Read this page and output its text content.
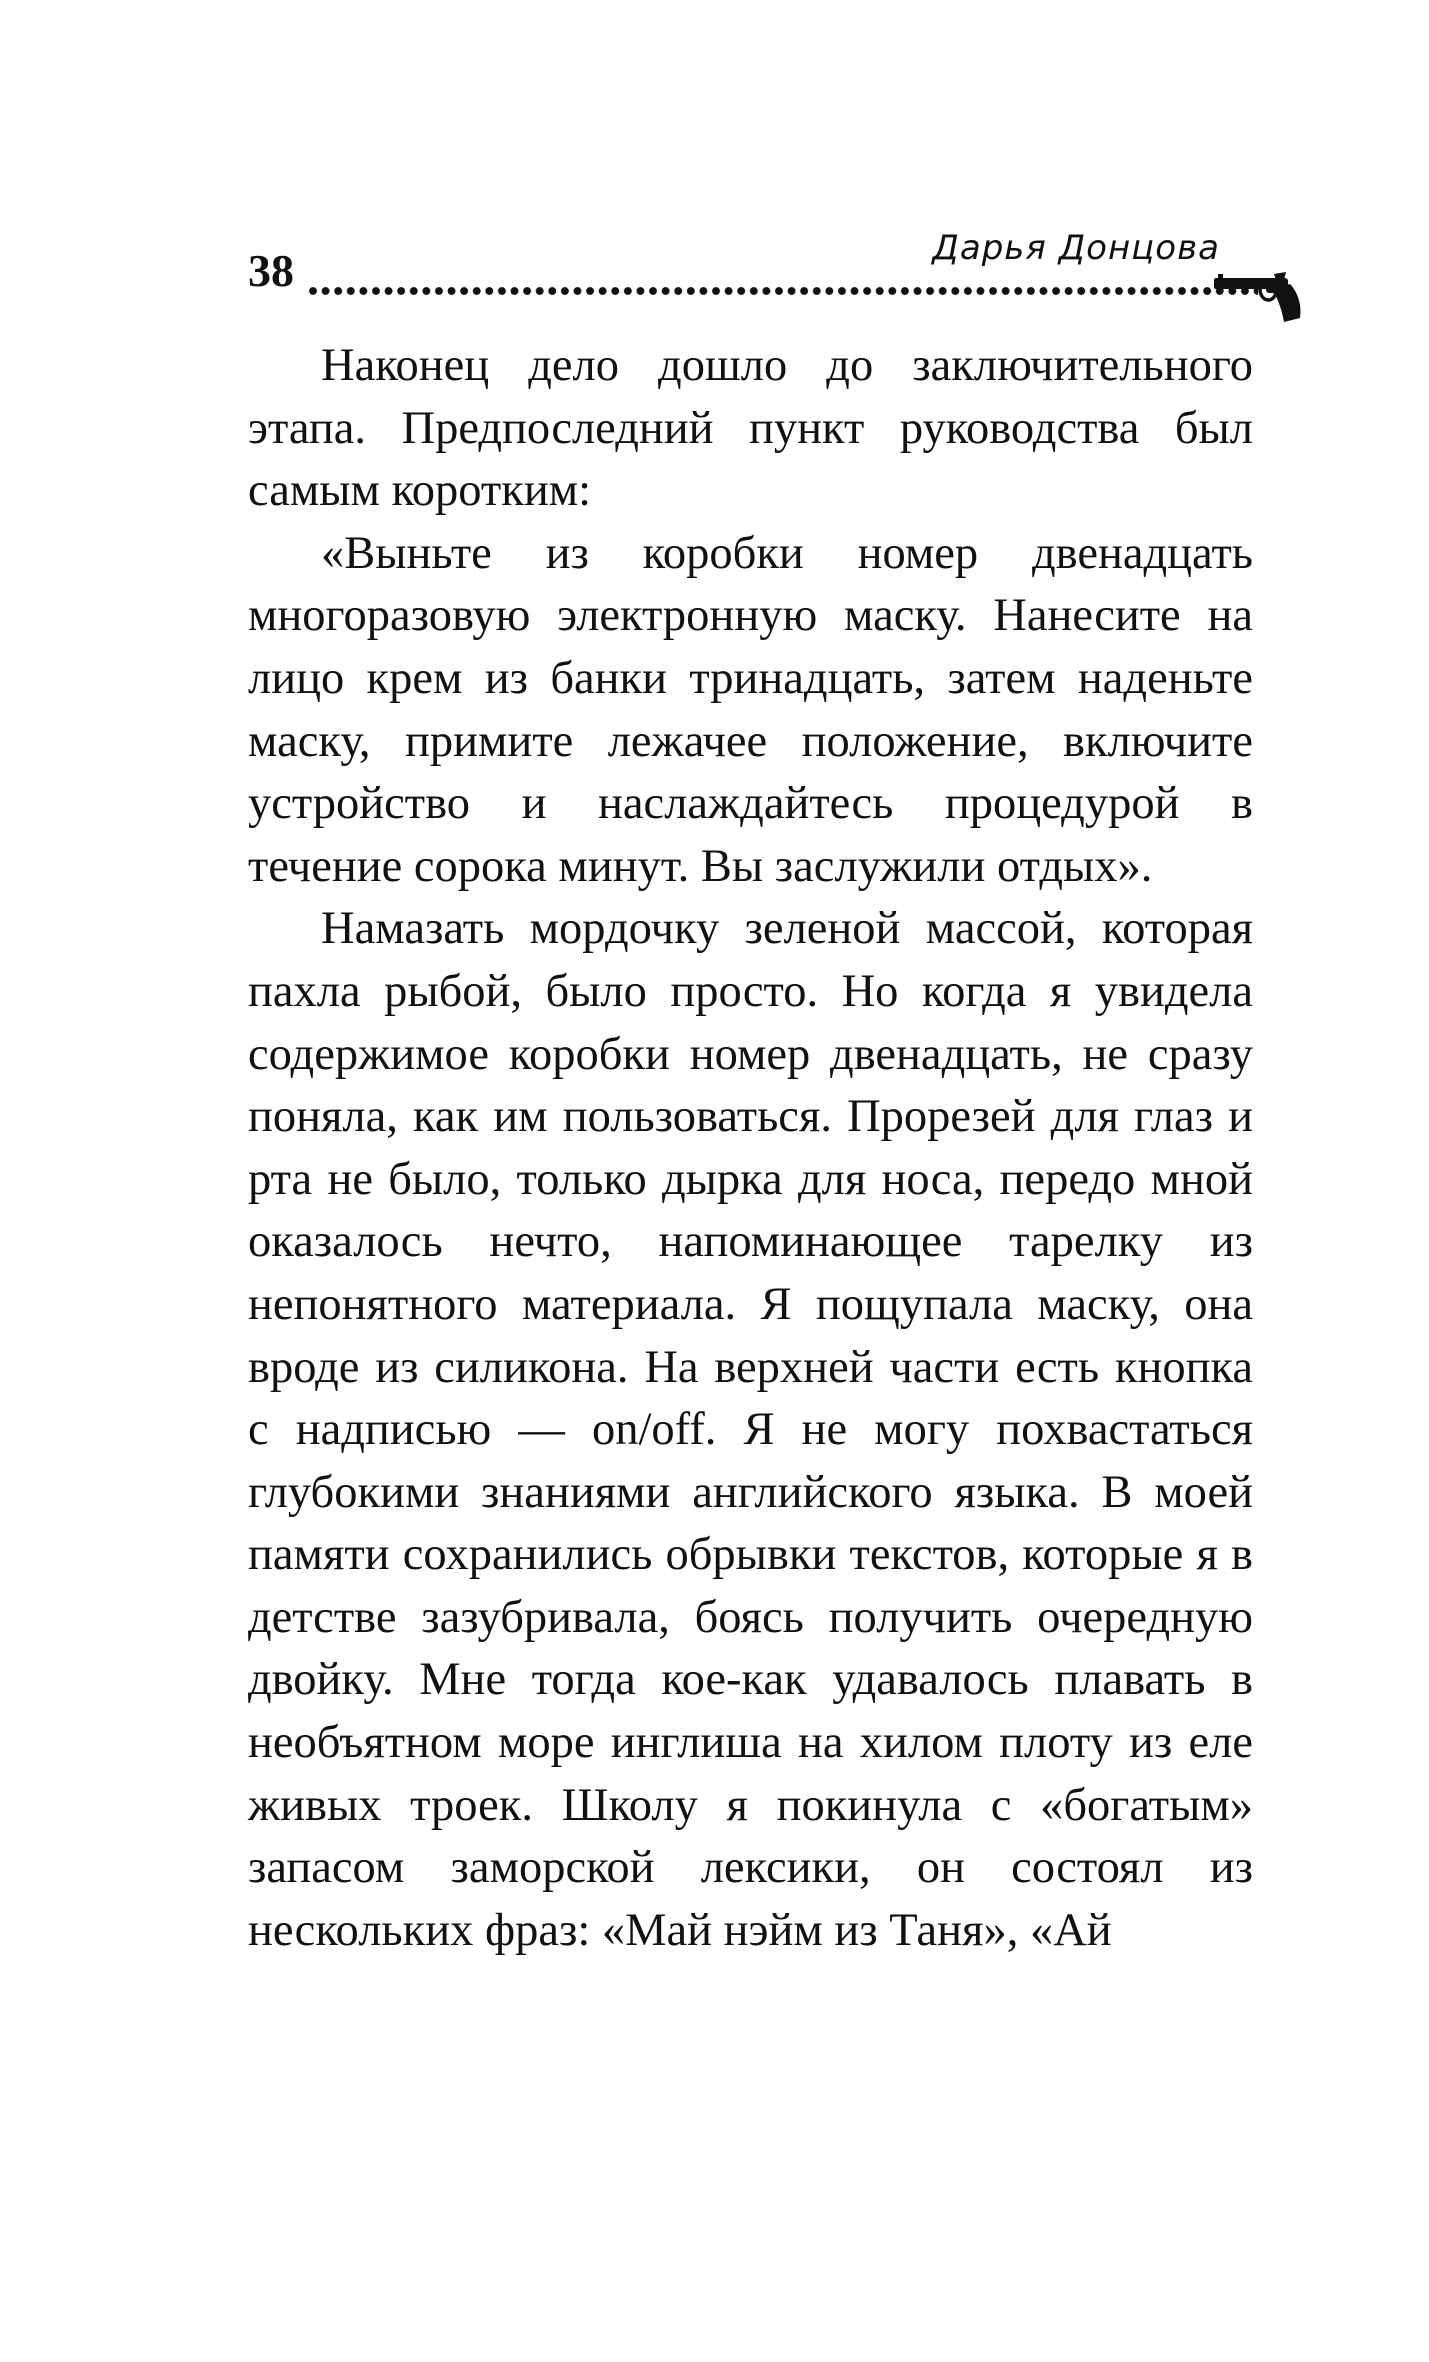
38	Дарья Донцова

Наконец дело дошло до заключительного этапа. Предпоследний пункт руководства был самым коротким:

«Выньте из коробки номер двенадцать многоразовую электронную маску. Нанесите на лицо крем из банки тринадцать, затем наденьте маску, примите лежачее положение, включите устройство и наслаждайтесь процедурой в течение сорока минут. Вы заслужили отдых».

Намазать мордочку зеленой массой, которая пахла рыбой, было просто. Но когда я увидела содержимое коробки номер двенадцать, не сразу поняла, как им пользоваться. Прорезей для глаз и рта не было, только дырка для носа, передо мной оказалось нечто, напоминающее тарелку из непонятного материала. Я пощупала маску, она вроде из силикона. На верхней части есть кнопка с надписью — on/​off. Я не могу похвастаться глубокими знаниями английского языка. В моей памяти сохранились обрывки текстов, которые я в детстве зазубривала, боясь получить очередную двойку. Мне тогда кое-как удавалось плавать в необъятном море инглиша на хилом плоту из еле живых троек. Школу я покинула с «богатым» запасом заморской лексики, он состоял из нескольких фраз: «Май нэйм из Таня», «Ай
